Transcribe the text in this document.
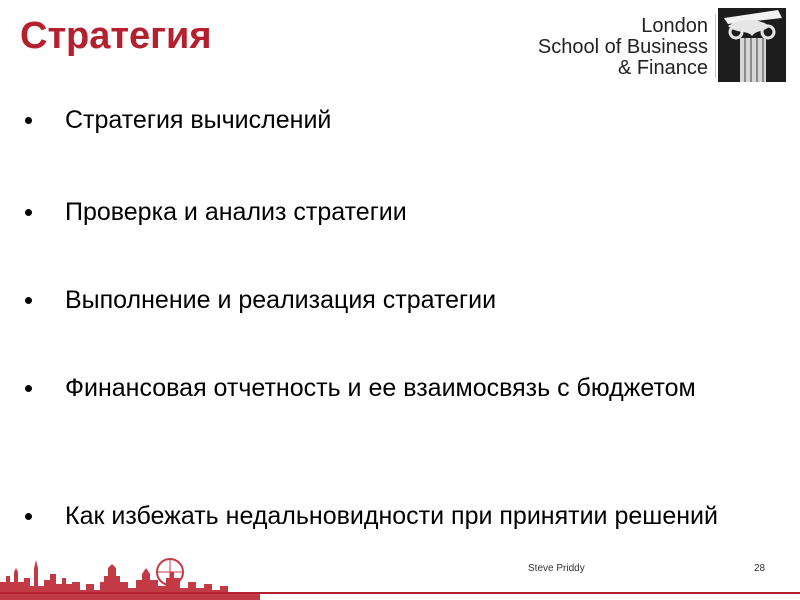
Стратегия	London
School of Business
& Finance
Стратегия вычислений
Проверка и анализ стратегии
Выполнение и реализация стратегии
Финансовая отчетность и ее взаимосвязь с бюджетом
Как избежать недальновидности при принятии решений
Steve Priddy	28
